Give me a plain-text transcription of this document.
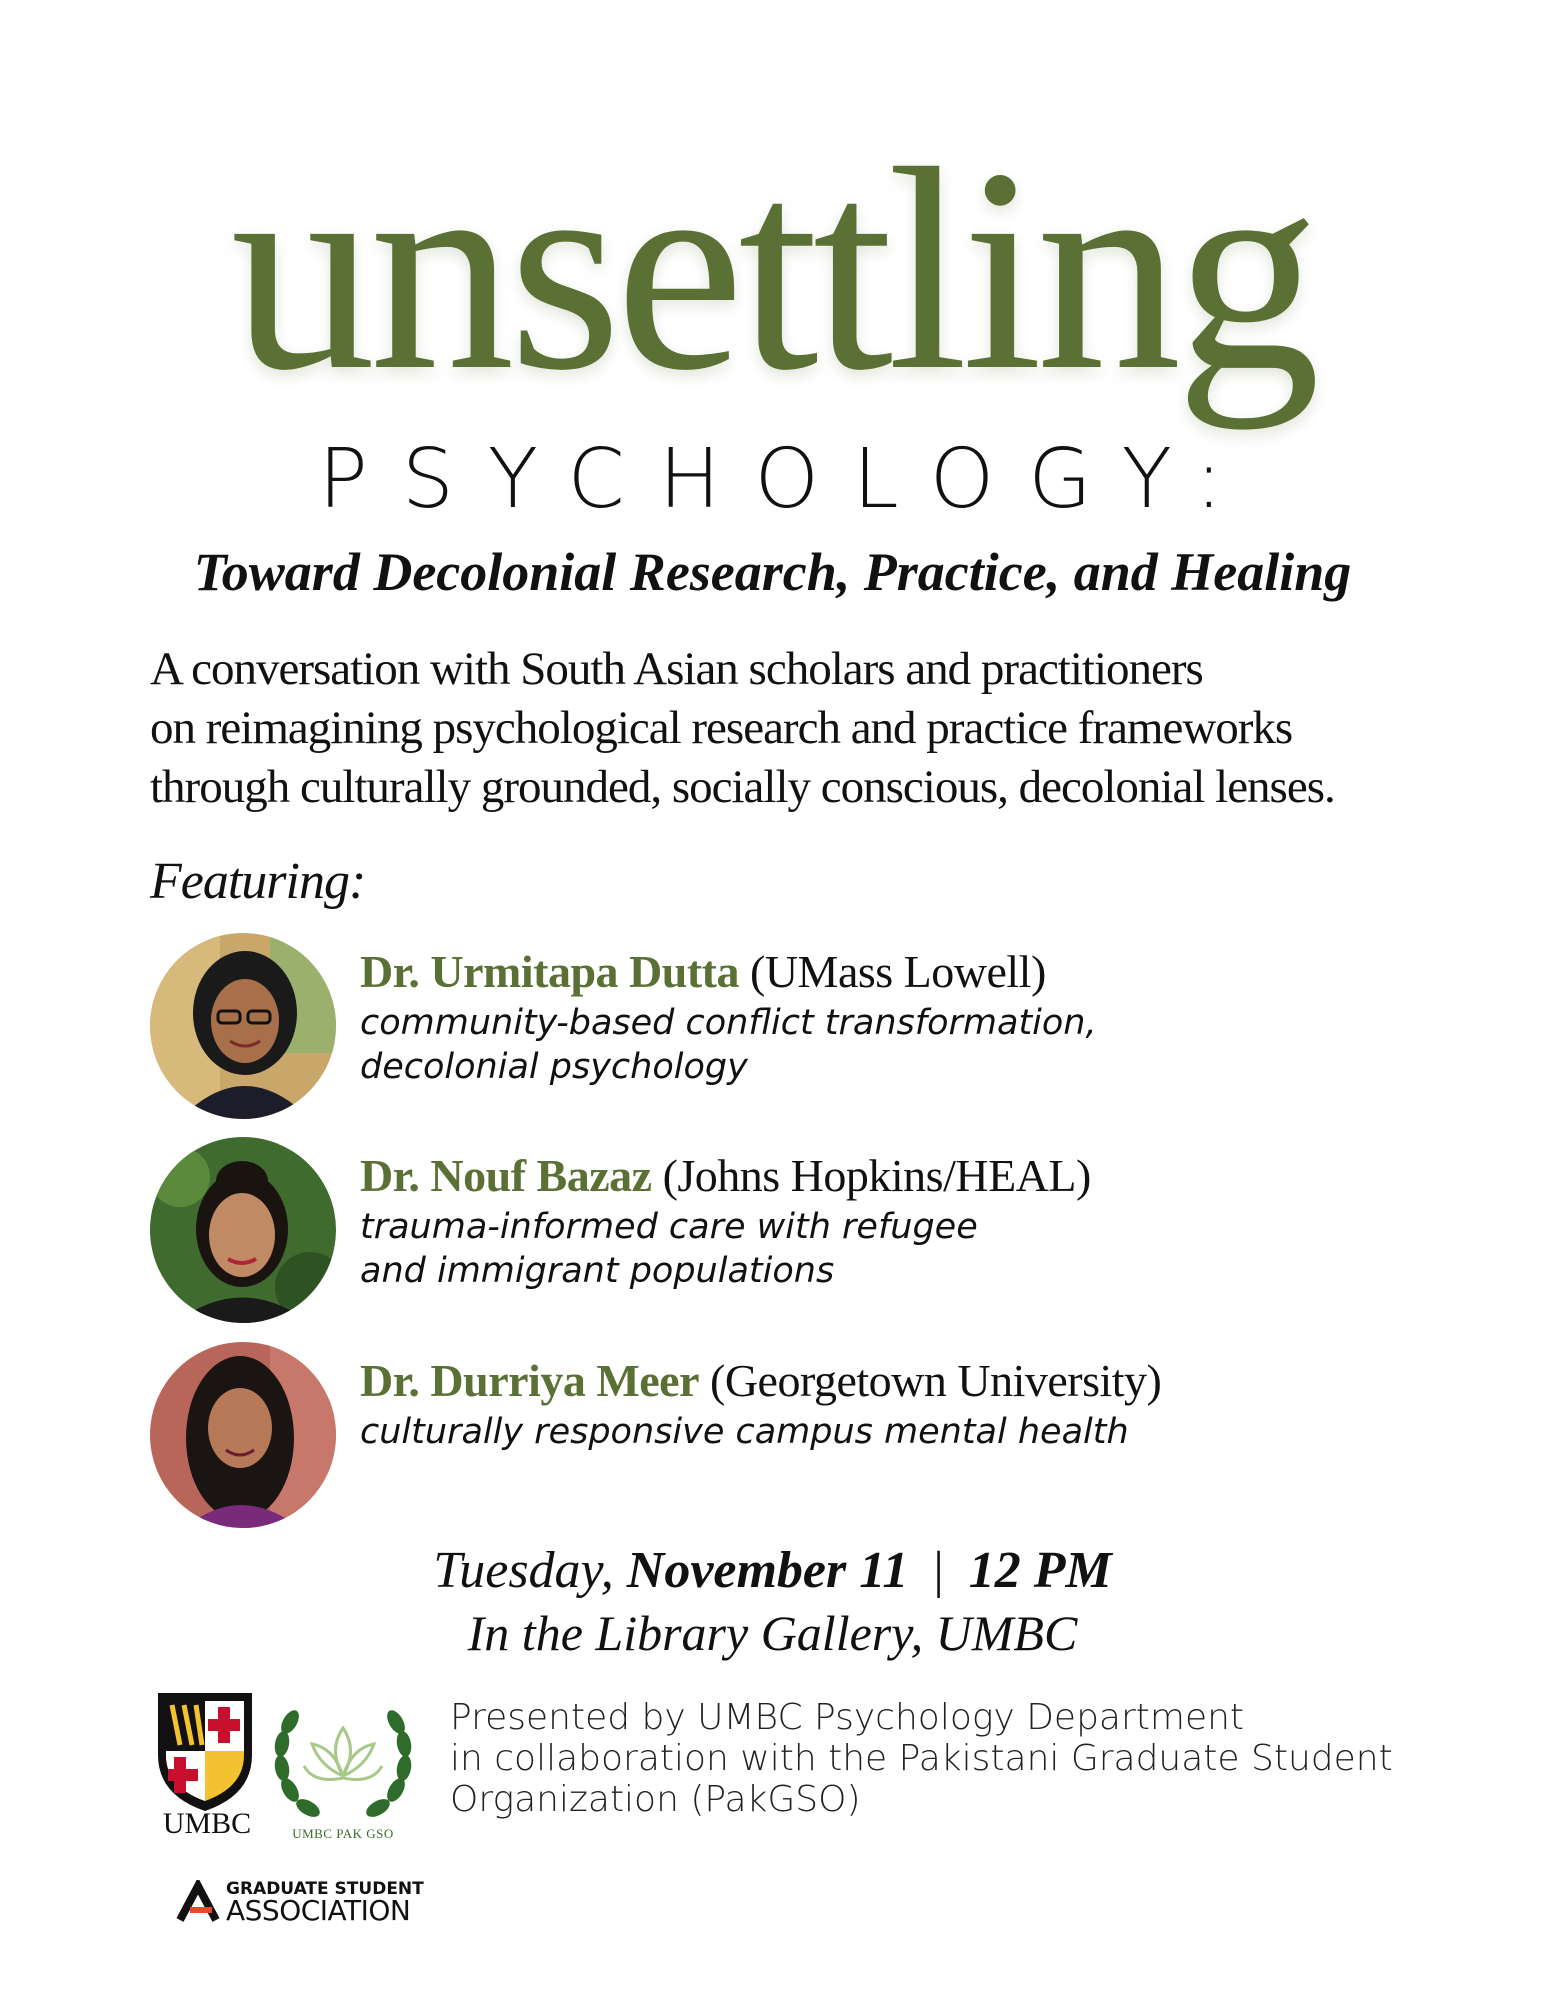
unsettling
PSYCHOLOGY:
Toward Decolonial Research, Practice, and Healing
A conversation with South Asian scholars and practitioners
on reimagining psychological research and practice frameworks
through culturally grounded, socially conscious, decolonial lenses.
Featuring:
Dr. Urmitapa Dutta (UMass Lowell)
community-based conflict transformation,
decolonial psychology
Dr. Nouf Bazaz (Johns Hopkins/HEAL)
trauma-informed care with refugee
and immigrant populations
Dr. Durriya Meer (Georgetown University)
culturally responsive campus mental health
Tuesday, November 11 | 12 PM
In the Library Gallery, UMBC
UMBC	UMBC PAK GSO
Presented by UMBC Psychology Department
in collaboration with the Pakistani Graduate Student
Organization (PakGSO)
GRADUATE STUDENT
ASSOCIATION
